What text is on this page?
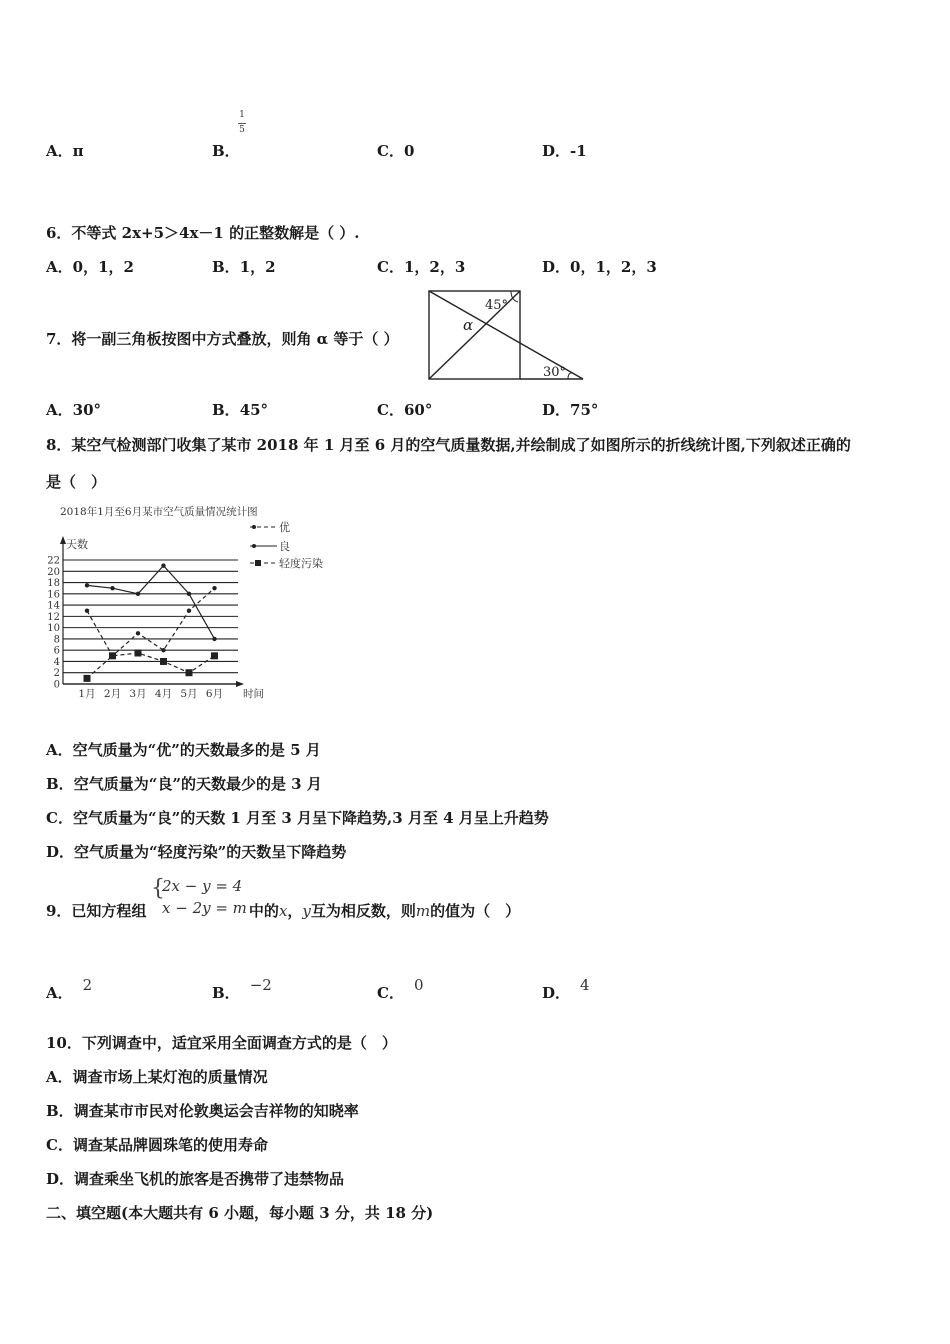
A．π	B．
1
5
C．0	D．-1
6．不等式 2x+5＞4x－1 的正整数解是（ ）.
A．0，1，2	B．1，2	C．1，2，3	D．0，1，2，3
7．将一副三角板按图中方式叠放，则角 α 等于（ ）
45°
α
30°
A．30°	B．45°	C．60°	D．75°
8．某空气检测部门收集了某市 2018 年 1 月至 6 月的空气质量数据,并绘制成了如图所示的折线统计图,下列叙述正确的
是（　）
2018年1月至6月某市空气质量情况统计图
天数
时间
优
良
轻度污染
0
2
4
6
8
10
12
14
16
18
20
22
1月 2月 3月 4月 5月 6月
A．空气质量为“优”的天数最多的是 5 月
B．空气质量为“良”的天数最少的是 3 月
C．空气质量为“良”的天数 1 月至 3 月呈下降趋势,3 月至 4 月呈上升趋势
D．空气质量为“轻度污染”的天数呈下降趋势
9．已知方程组	中的x，y互为相反数，则m的值为（　）
{
2x − y = 4
x − 2y = m
A． 2	B． −2	C． 0	D． 4
10．下列调查中，适宜采用全面调查方式的是（　）
A．调查市场上某灯泡的质量情况
B．调查某市市民对伦敦奥运会吉祥物的知晓率
C．调查某品牌圆珠笔的使用寿命
D．调查乘坐飞机的旅客是否携带了违禁物品
二、填空题(本大题共有 6 小题，每小题 3 分，共 18 分)
